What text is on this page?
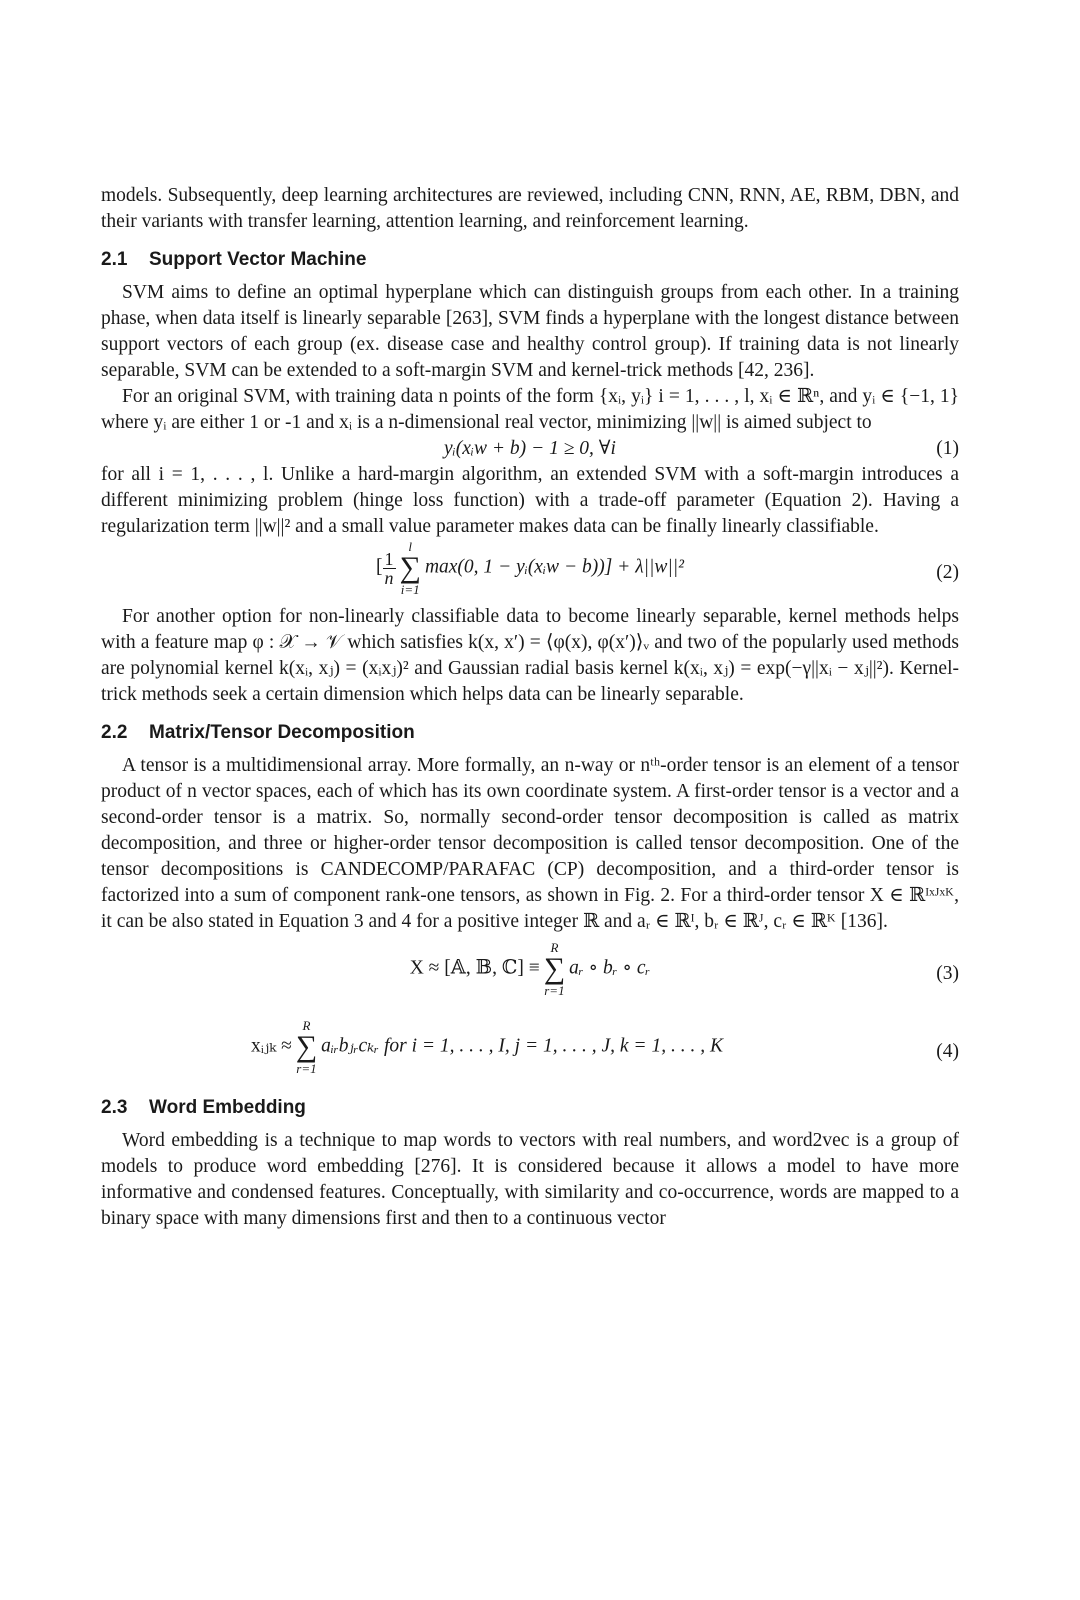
models. Subsequently, deep learning architectures are reviewed, including CNN, RNN, AE, RBM, DBN, and their variants with transfer learning, attention learning, and reinforcement learning.

2.1 Support Vector Machine

SVM aims to define an optimal hyperplane which can distinguish groups from each other. In a training phase, when data itself is linearly separable [263], SVM finds a hyperplane with the longest distance between support vectors of each group (ex. disease case and healthy control group). If training data is not linearly separable, SVM can be extended to a soft-margin SVM and kernel-trick methods [42, 236].

For an original SVM, with training data n points of the form {xᵢ, yᵢ} i = 1, . . . , l, xᵢ ∈ ℝⁿ, and yᵢ ∈ {−1, 1} where yᵢ are either 1 or -1 and xᵢ is a n-dimensional real vector, minimizing ||w|| is aimed subject to

yᵢ(xᵢw + b) − 1 ≥ 0, ∀i	(1)

for all i = 1, . . . , l. Unlike a hard-margin algorithm, an extended SVM with a soft-margin introduces a different minimizing problem (hinge loss function) with a trade-off parameter (Equation 2). Having a regularization term ||w||² and a small value parameter makes data can be finally linearly classifiable.

[ $\frac{1}{n}$
l
∑
i=1
max(0, 1 − yᵢ(xᵢw − b))] + λ||w||²	(2)

For another option for non-linearly classifiable data to become linearly separable, kernel methods helps with a feature map φ : 𝒳 → 𝒱 which satisfies k(x, x′) = ⟨φ(x), φ(x′)⟩ᵥ and two of the popularly used methods are polynomial kernel k(xᵢ, xⱼ) = (xᵢxⱼ)² and Gaussian radial basis kernel k(xᵢ, xⱼ) = exp(−γ||xᵢ − xⱼ||²). Kernel-trick methods seek a certain dimension which helps data can be linearly separable.

2.2 Matrix/Tensor Decomposition

A tensor is a multidimensional array. More formally, an n-way or nᵗʰ-order tensor is an element of a tensor product of n vector spaces, each of which has its own coordinate system. A first-order tensor is a vector and a second-order tensor is a matrix. So, normally second-order tensor decomposition is called as matrix decomposition, and three or higher-order tensor decomposition is called tensor decomposition. One of the tensor decompositions is CANDECOMP/PARAFAC (CP) decomposition, and a third-order tensor is factorized into a sum of component rank-one tensors, as shown in Fig. 2. For a third-order tensor X ∈ ℝᴵˣᴶˣᴷ, it can be also stated in Equation 3 and 4 for a positive integer ℝ and aᵣ ∈ ℝᴵ, bᵣ ∈ ℝᴶ, cᵣ ∈ ℝᴷ [136].

X ≈ [𝔸, 𝔹, ℂ] ≡
R
∑
r=1
aᵣ ∘ bᵣ ∘ cᵣ	(3)
xᵢⱼₖ ≈
R
∑
r=1
aᵢᵣbⱼᵣcₖᵣ for i = 1, . . . , I, j = 1, . . . , J, k = 1, . . . , K	(4)
2.3 Word Embedding

Word embedding is a technique to map words to vectors with real numbers, and word2vec is a group of models to produce word embedding [276]. It is considered because it allows a model to have more informative and condensed features. Conceptually, with similarity and co-occurrence, words are mapped to a binary space with many dimensions first and then to a continuous vector
